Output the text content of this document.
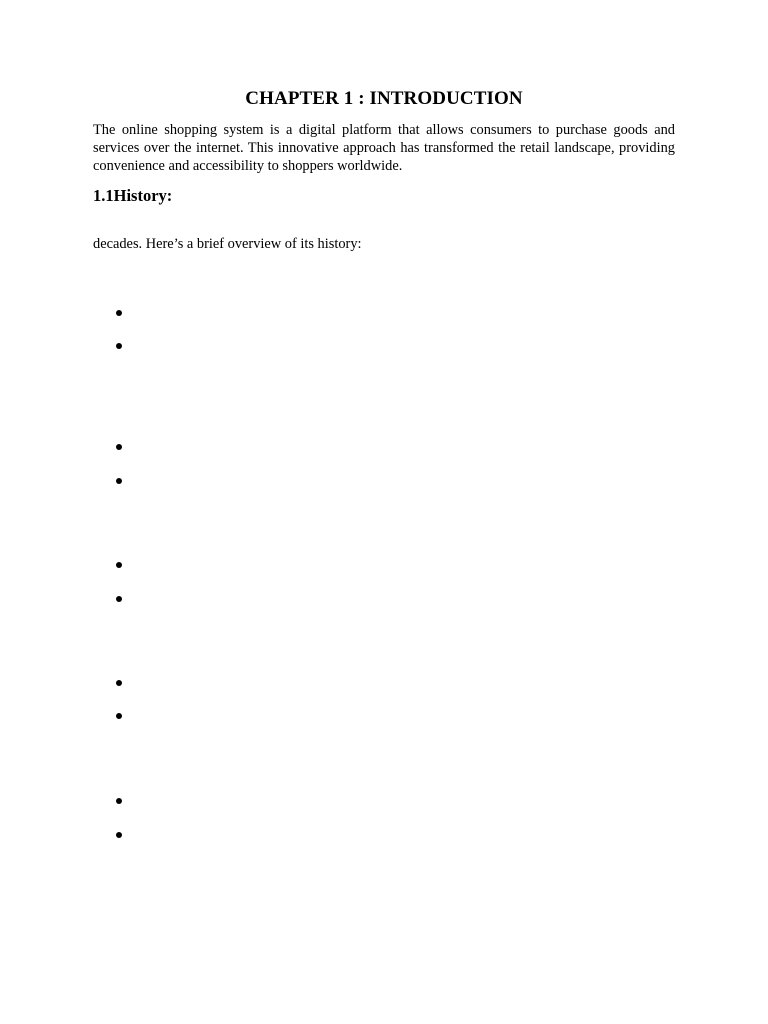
CHAPTER 1 : INTRODUCTION
The online shopping system is a digital platform that allows consumers to purchase goods and services over the internet. This innovative approach has transformed the retail landscape, providing convenience and accessibility to shoppers worldwide.
1.1History:
decades. Here’s a brief overview of its history:
